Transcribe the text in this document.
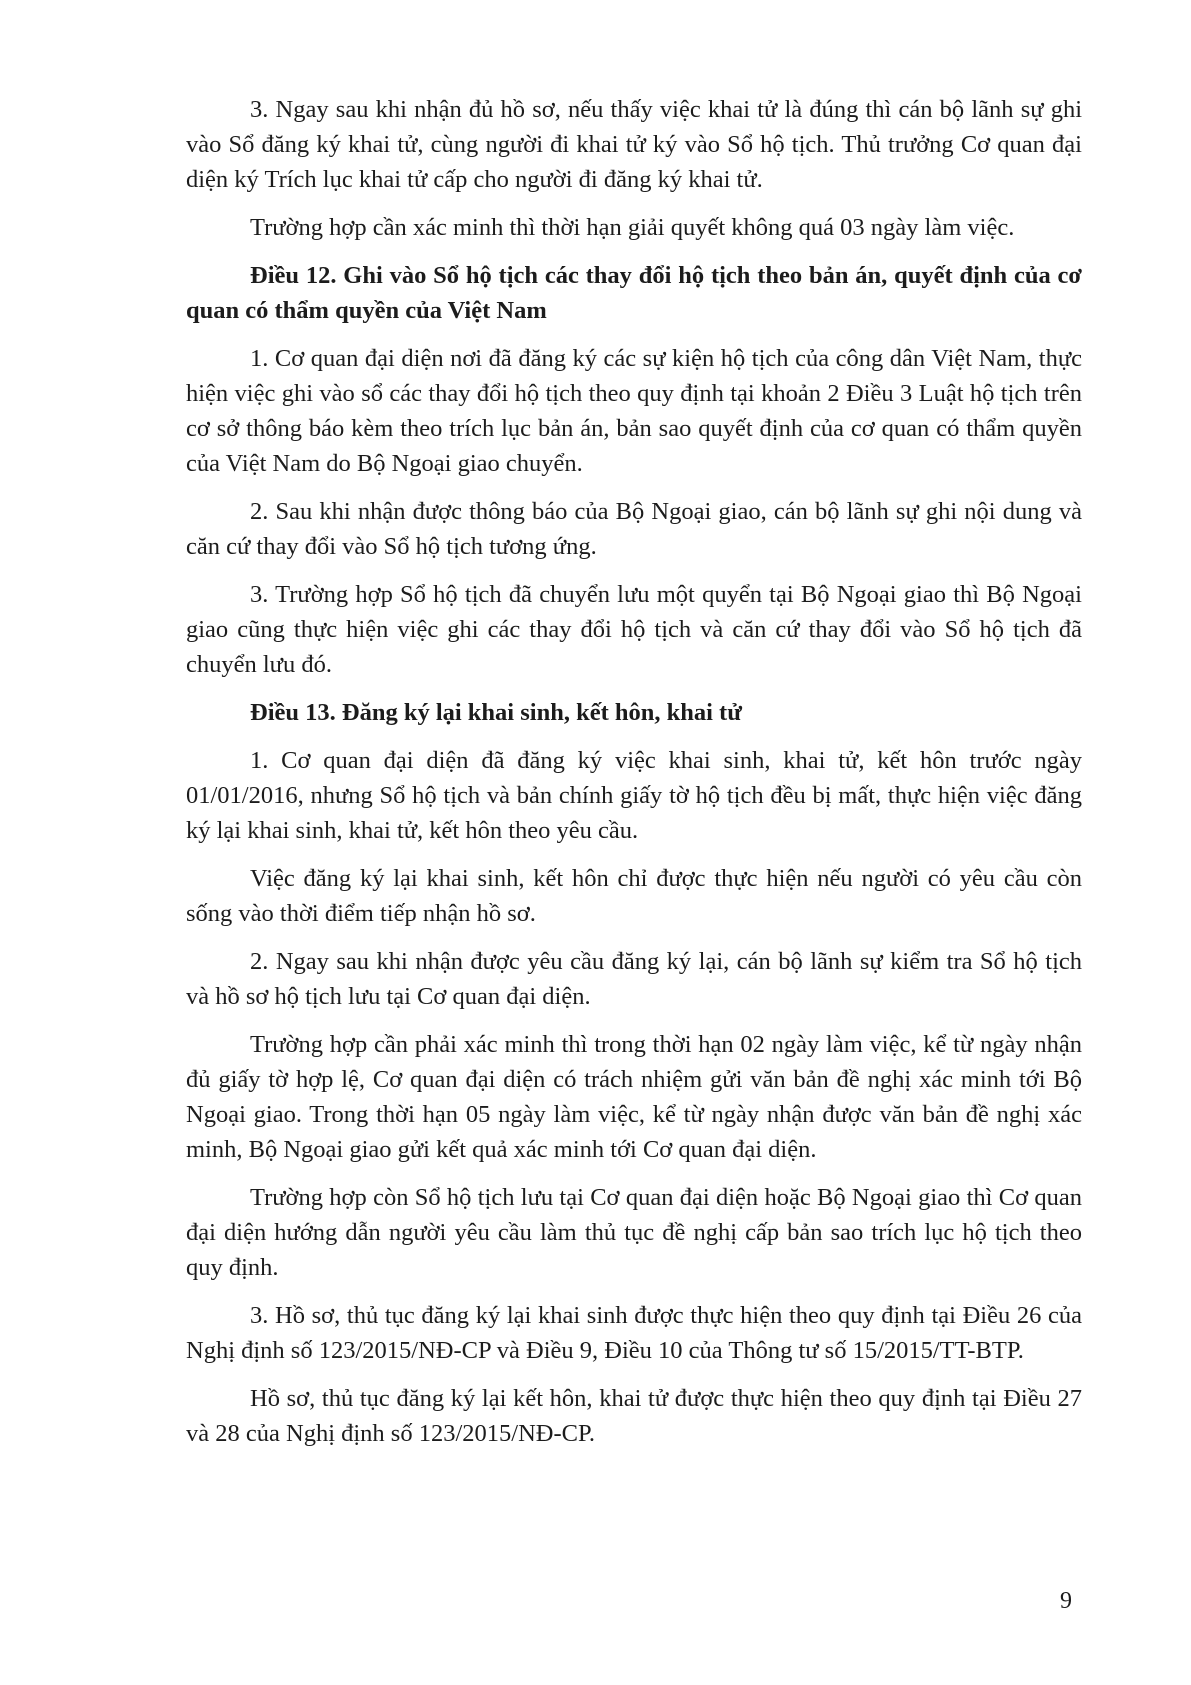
3. Ngay sau khi nhận đủ hồ sơ, nếu thấy việc khai tử là đúng thì cán bộ lãnh sự ghi vào Sổ đăng ký khai tử, cùng người đi khai tử ký vào Sổ hộ tịch. Thủ trưởng Cơ quan đại diện ký Trích lục khai tử cấp cho người đi đăng ký khai tử.

Trường hợp cần xác minh thì thời hạn giải quyết không quá 03 ngày làm việc.

Điều 12. Ghi vào Sổ hộ tịch các thay đổi hộ tịch theo bản án, quyết định của cơ quan có thẩm quyền của Việt Nam

1. Cơ quan đại diện nơi đã đăng ký các sự kiện hộ tịch của công dân Việt Nam, thực hiện việc ghi vào sổ các thay đổi hộ tịch theo quy định tại khoản 2 Điều 3 Luật hộ tịch trên cơ sở thông báo kèm theo trích lục bản án, bản sao quyết định của cơ quan có thẩm quyền của Việt Nam do Bộ Ngoại giao chuyển.

2. Sau khi nhận được thông báo của Bộ Ngoại giao, cán bộ lãnh sự ghi nội dung và căn cứ thay đổi vào Sổ hộ tịch tương ứng.

3. Trường hợp Sổ hộ tịch đã chuyển lưu một quyển tại Bộ Ngoại giao thì Bộ Ngoại giao cũng thực hiện việc ghi các thay đổi hộ tịch và căn cứ thay đổi vào Sổ hộ tịch đã chuyển lưu đó.

Điều 13. Đăng ký lại khai sinh, kết hôn, khai tử

1. Cơ quan đại diện đã đăng ký việc khai sinh, khai tử, kết hôn trước ngày 01/01/2016, nhưng Sổ hộ tịch và bản chính giấy tờ hộ tịch đều bị mất, thực hiện việc đăng ký lại khai sinh, khai tử, kết hôn theo yêu cầu.

Việc đăng ký lại khai sinh, kết hôn chỉ được thực hiện nếu người có yêu cầu còn sống vào thời điểm tiếp nhận hồ sơ.

2. Ngay sau khi nhận được yêu cầu đăng ký lại, cán bộ lãnh sự kiểm tra Sổ hộ tịch và hồ sơ hộ tịch lưu tại Cơ quan đại diện.

Trường hợp cần phải xác minh thì trong thời hạn 02 ngày làm việc, kể từ ngày nhận đủ giấy tờ hợp lệ, Cơ quan đại diện có trách nhiệm gửi văn bản đề nghị xác minh tới Bộ Ngoại giao. Trong thời hạn 05 ngày làm việc, kể từ ngày nhận được văn bản đề nghị xác minh, Bộ Ngoại giao gửi kết quả xác minh tới Cơ quan đại diện.

Trường hợp còn Sổ hộ tịch lưu tại Cơ quan đại diện hoặc Bộ Ngoại giao thì Cơ quan đại diện hướng dẫn người yêu cầu làm thủ tục đề nghị cấp bản sao trích lục hộ tịch theo quy định.

3. Hồ sơ, thủ tục đăng ký lại khai sinh được thực hiện theo quy định tại Điều 26 của Nghị định số 123/2015/NĐ-CP và Điều 9, Điều 10 của Thông tư số 15/2015/TT-BTP.

Hồ sơ, thủ tục đăng ký lại kết hôn, khai tử được thực hiện theo quy định tại Điều 27 và 28 của Nghị định số 123/2015/NĐ-CP.

9
